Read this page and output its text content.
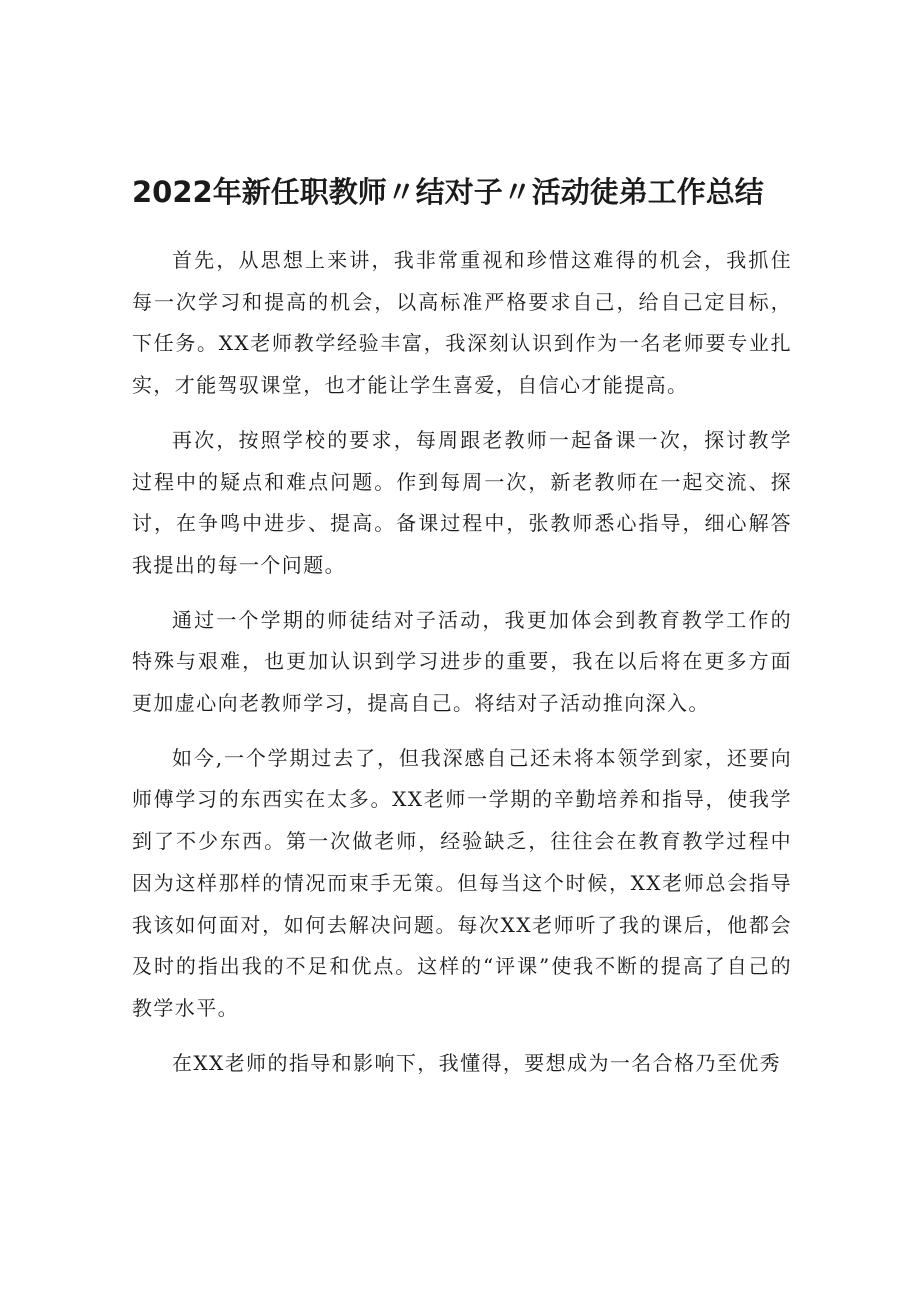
2022年新任职教师〃结对子〃活动徒弟工作总结

首先，从思想上来讲，我非常重视和珍惜这难得的机会，我抓住每一次学习和提高的机会，以高标准严格要求自己，给自己定目标，下任务。XX老师教学经验丰富，我深刻认识到作为一名老师要专业扎实，才能驾驭课堂，也才能让学生喜爱，自信心才能提高。

再次，按照学校的要求，每周跟老教师一起备课一次，探讨教学过程中的疑点和难点问题。作到每周一次，新老教师在一起交流、探讨，在争鸣中进步、提高。备课过程中，张教师悉心指导，细心解答我提出的每一个问题。

通过一个学期的师徒结对子活动，我更加体会到教育教学工作的特殊与艰难，也更加认识到学习进步的重要，我在以后将在更多方面更加虚心向老教师学习，提高自己。将结对子活动推向深入。

如今,一个学期过去了，但我深感自己还未将本领学到家，还要向师傅学习的东西实在太多。XX老师一学期的辛勤培养和指导，使我学到了不少东西。第一次做老师，经验缺乏，往往会在教育教学过程中因为这样那样的情况而束手无策。但每当这个时候，XX老师总会指导我该如何面对，如何去解决问题。每次XX老师听了我的课后，他都会及时的指出我的不足和优点。这样的“评课”使我不断的提高了自己的教学水平。

在XX老师的指导和影响下，我懂得，要想成为一名合格乃至优秀
